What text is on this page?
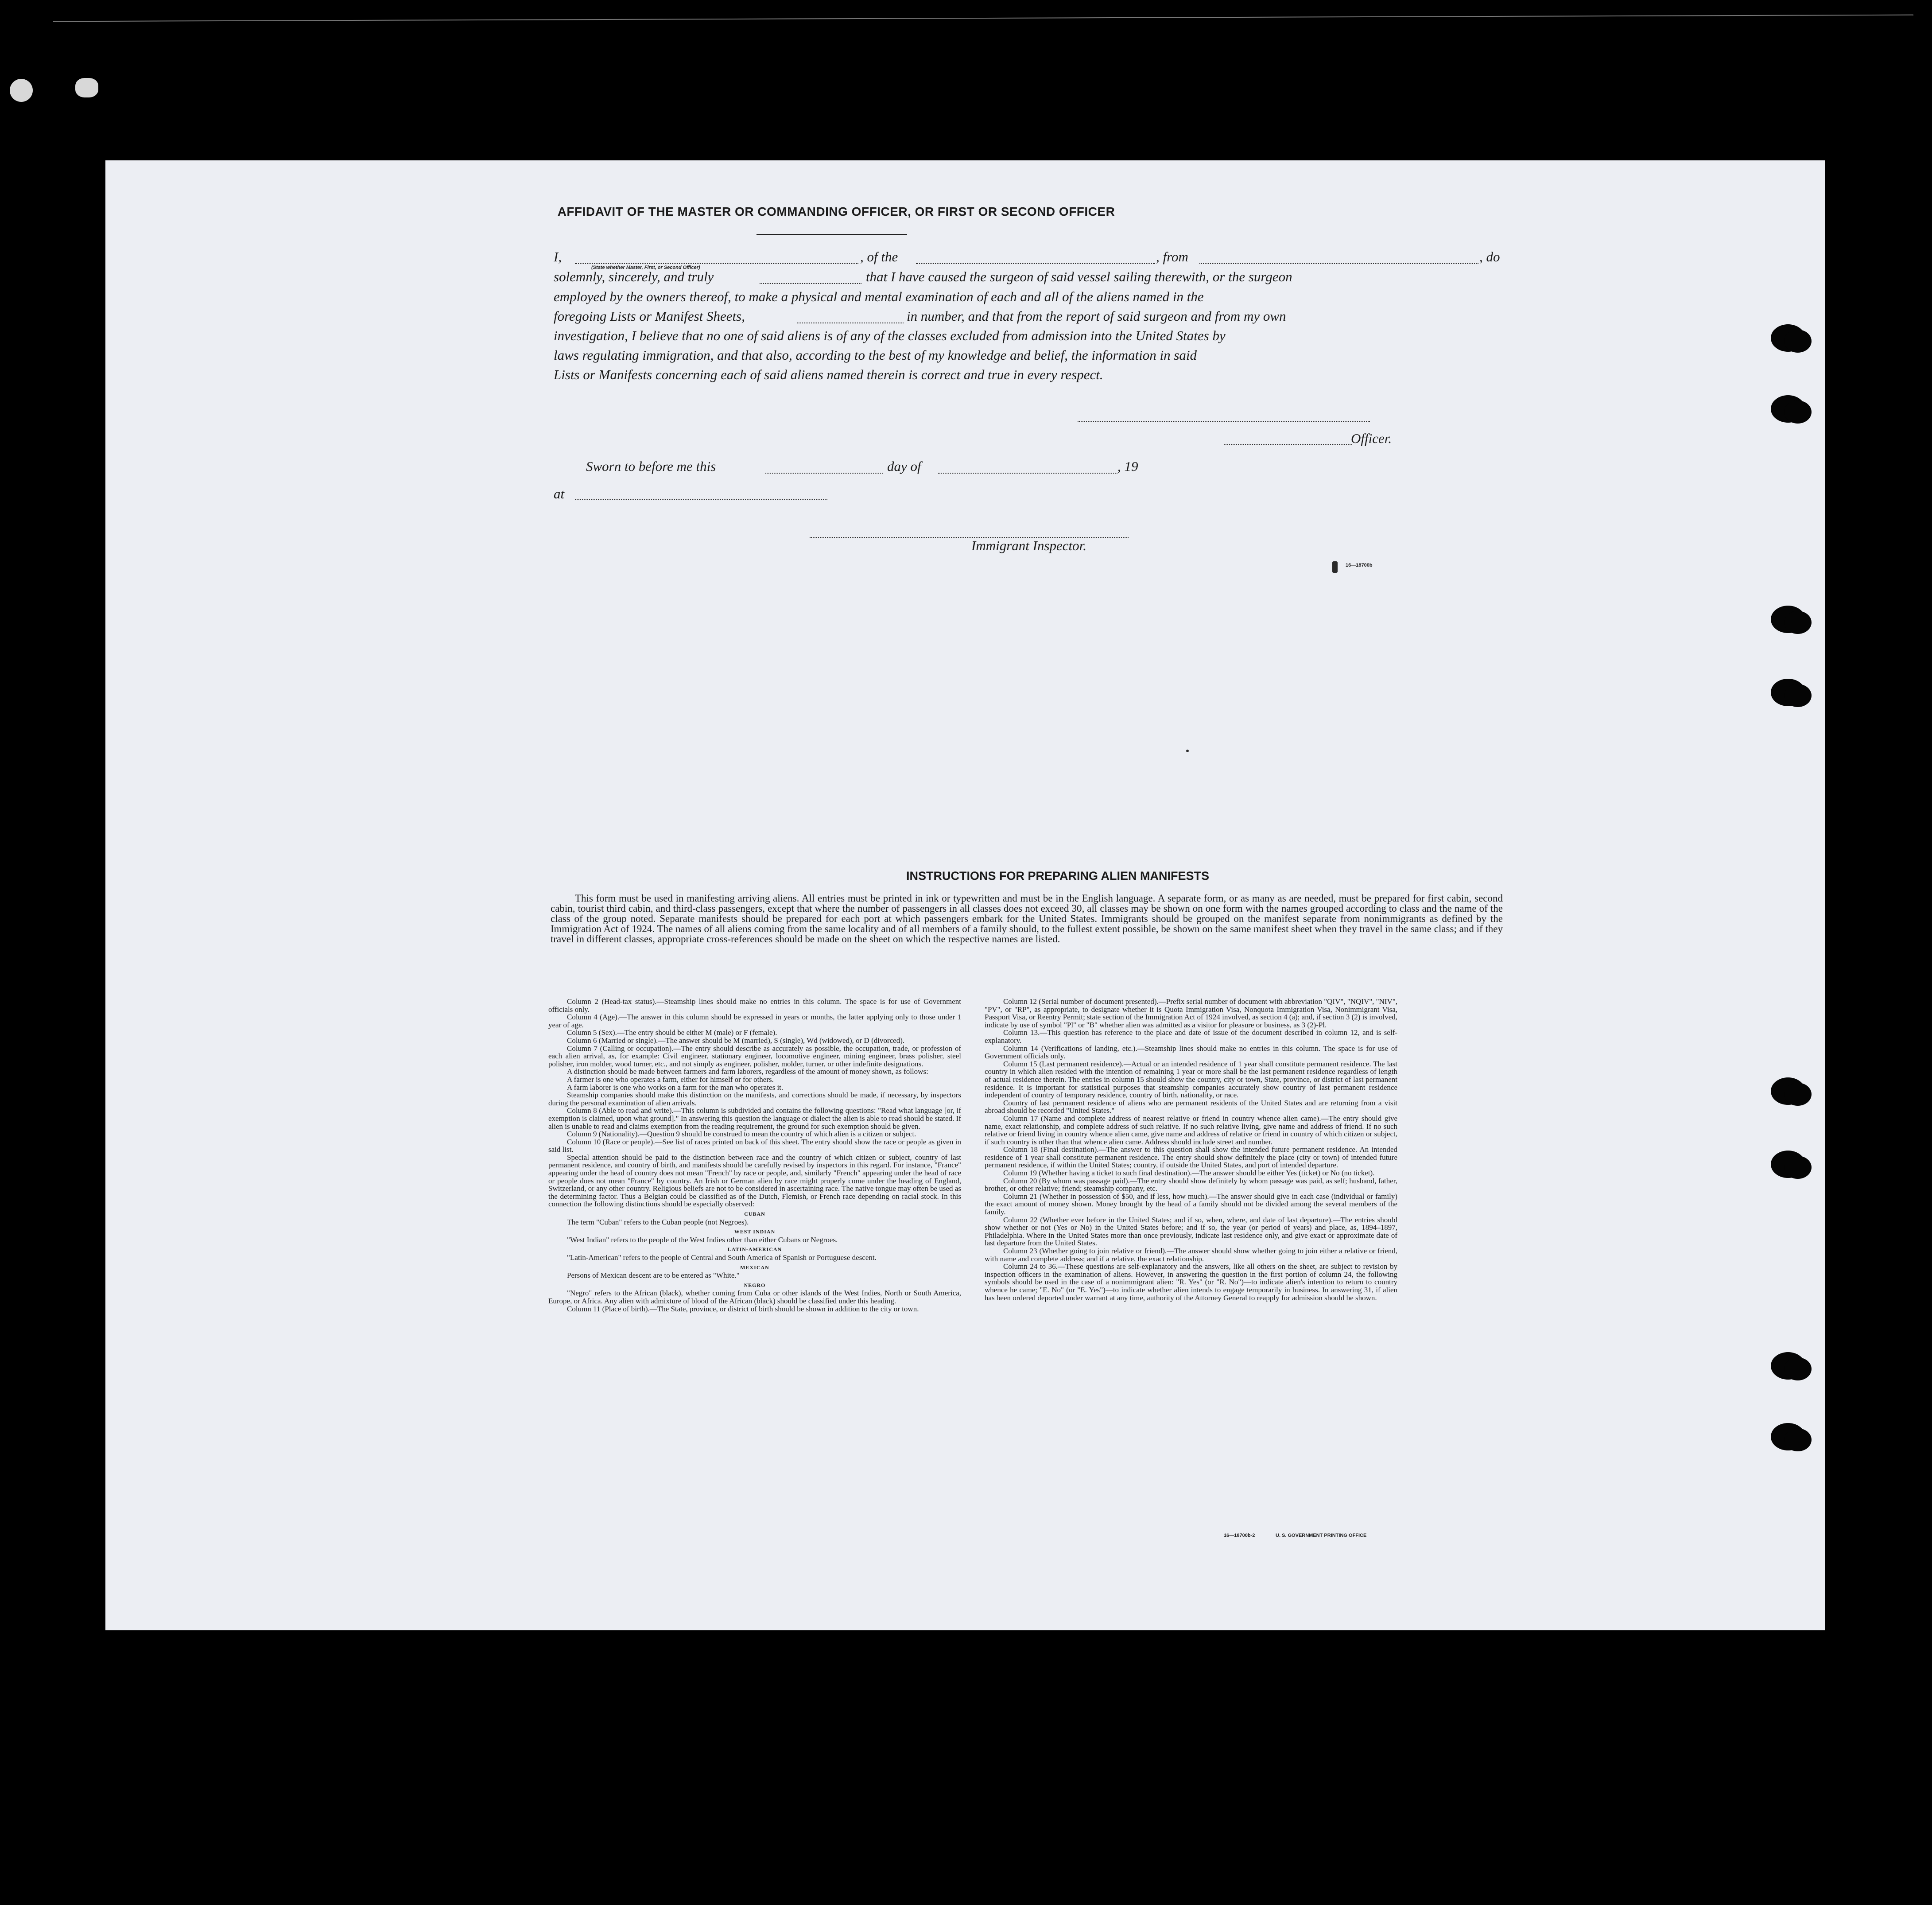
AFFIDAVIT OF THE MASTER OR COMMANDING OFFICER, OR FIRST OR SECOND OFFICER
I,
(State whether Master, First, or Second Officer)
, of the	, from	, do
solemnly, sincerely, and truly	that I have caused the surgeon of said vessel sailing therewith, or the surgeon
employed by the owners thereof, to make a physical and mental examination of each and all of the aliens named in the
foregoing Lists or Manifest Sheets,	in number, and that from the report of said surgeon and from my own
investigation, I believe that no one of said aliens is of any of the classes excluded from admission into the United States by
laws regulating immigration, and that also, according to the best of my knowledge and belief, the information in said
Lists or Manifests concerning each of said aliens named therein is correct and true in every respect.
Officer.
Sworn to before me this	day of	, 19
at
Immigrant Inspector.
16—18700b
INSTRUCTIONS FOR PREPARING ALIEN MANIFESTS
This form must be used in manifesting arriving aliens. All entries must be printed in ink or typewritten and must be in the English language. A separate form, or as many as are needed, must be prepared for first cabin, second cabin, tourist third cabin, and third-class passengers, except that where the number of passengers in all classes does not exceed 30, all classes may be shown on one form with the names grouped according to class and the name of the class of the group noted. Separate manifests should be prepared for each port at which passengers embark for the United States. Immigrants should be grouped on the manifest separate from nonimmigrants as defined by the Immigration Act of 1924. The names of all aliens coming from the same locality and of all members of a family should, to the fullest extent possible, be shown on the same manifest sheet when they travel in the same class; and if they travel in different classes, appropriate cross-references should be made on the sheet on which the respective names are listed.

Column 2 (Head-tax status).—Steamship lines should make no entries in this column. The space is for use of Government officials only.

Column 4 (Age).—The answer in this column should be expressed in years or months, the latter applying only to those under 1 year of age.

Column 5 (Sex).—The entry should be either M (male) or F (female).

Column 6 (Married or single).—The answer should be M (married), S (single), Wd (widowed), or D (divorced).

Column 7 (Calling or occupation).—The entry should describe as accurately as possible, the occupation, trade, or profession of each alien arrival, as, for example: Civil engineer, stationary engineer, locomotive engineer, mining engineer, brass polisher, steel polisher, iron molder, wood turner, etc., and not simply as engineer, polisher, molder, turner, or other indefinite designations.

A distinction should be made between farmers and farm laborers, regardless of the amount of money shown, as follows:

A farmer is one who operates a farm, either for himself or for others.

A farm laborer is one who works on a farm for the man who operates it.

Steamship companies should make this distinction on the manifests, and corrections should be made, if necessary, by inspectors during the personal examination of alien arrivals.

Column 8 (Able to read and write).—This column is subdivided and contains the following questions: "Read what language [or, if exemption is claimed, upon what ground]." In answering this question the language or dialect the alien is able to read should be stated. If alien is unable to read and claims exemption from the reading requirement, the ground for such exemption should be given.

Column 9 (Nationality).—Question 9 should be construed to mean the country of which alien is a citizen or subject.

Column 10 (Race or people).—See list of races printed on back of this sheet. The entry should show the race or people as given in said list.

Special attention should be paid to the distinction between race and the country of which citizen or subject, country of last permanent residence, and country of birth, and manifests should be carefully revised by inspectors in this regard. For instance, "France" appearing under the head of country does not mean "French" by race or people, and, similarly "French" appearing under the head of race or people does not mean "France" by country. An Irish or German alien by race might properly come under the heading of England, Switzerland, or any other country. Religious beliefs are not to be considered in ascertaining race. The native tongue may often be used as the determining factor. Thus a Belgian could be classified as of the Dutch, Flemish, or French race depending on racial stock. In this connection the following distinctions should be especially observed:

CUBAN

The term "Cuban" refers to the Cuban people (not Negroes).

WEST INDIAN

"West Indian" refers to the people of the West Indies other than either Cubans or Negroes.

LATIN-AMERICAN

"Latin-American" refers to the people of Central and South America of Spanish or Portuguese descent.

MEXICAN

Persons of Mexican descent are to be entered as "White."

NEGRO

"Negro" refers to the African (black), whether coming from Cuba or other islands of the West Indies, North or South America, Europe, or Africa. Any alien with admixture of blood of the African (black) should be classified under this heading.

Column 11 (Place of birth).—The State, province, or district of birth should be shown in addition to the city or town.

Column 12 (Serial number of document presented).—Prefix serial number of document with abbreviation "QIV", "NQIV", "NIV", "PV", or "RP", as appropriate, to designate whether it is Quota Immigration Visa, Nonquota Immigration Visa, Nonimmigrant Visa, Passport Visa, or Reentry Permit; state section of the Immigration Act of 1924 involved, as section 4 (a); and, if section 3 (2) is involved, indicate by use of symbol "Pl" or "B" whether alien was admitted as a visitor for pleasure or business, as 3 (2)-Pl.

Column 13.—This question has reference to the place and date of issue of the document described in column 12, and is self-explanatory.

Column 14 (Verifications of landing, etc.).—Steamship lines should make no entries in this column. The space is for use of Government officials only.

Column 15 (Last permanent residence).—Actual or an intended residence of 1 year shall constitute permanent residence. The last country in which alien resided with the intention of remaining 1 year or more shall be the last permanent residence regardless of length of actual residence therein. The entries in column 15 should show the country, city or town, State, province, or district of last permanent residence. It is important for statistical purposes that steamship companies accurately show country of last permanent residence independent of country of temporary residence, country of birth, nationality, or race.

Country of last permanent residence of aliens who are permanent residents of the United States and are returning from a visit abroad should be recorded "United States."

Column 17 (Name and complete address of nearest relative or friend in country whence alien came).—The entry should give name, exact relationship, and complete address of such relative. If no such relative living, give name and address of friend. If no such relative or friend living in country whence alien came, give name and address of relative or friend in country of which citizen or subject, if such country is other than that whence alien came. Address should include street and number.

Column 18 (Final destination).—The answer to this question shall show the intended future permanent residence. An intended residence of 1 year shall constitute permanent residence. The entry should show definitely the place (city or town) of intended future permanent residence, if within the United States; country, if outside the United States, and port of intended departure.

Column 19 (Whether having a ticket to such final destination).—The answer should be either Yes (ticket) or No (no ticket).

Column 20 (By whom was passage paid).—The entry should show definitely by whom passage was paid, as self; husband, father, brother, or other relative; friend; steamship company, etc.

Column 21 (Whether in possession of $50, and if less, how much).—The answer should give in each case (individual or family) the exact amount of money shown. Money brought by the head of a family should not be divided among the several members of the family.

Column 22 (Whether ever before in the United States; and if so, when, where, and date of last departure).—The entries should show whether or not (Yes or No) in the United States before; and if so, the year (or period of years) and place, as, 1894–1897, Philadelphia. Where in the United States more than once previously, indicate last residence only, and give exact or approximate date of last departure from the United States.

Column 23 (Whether going to join relative or friend).—The answer should show whether going to join either a relative or friend, with name and complete address; and if a relative, the exact relationship.

Column 24 to 36.—These questions are self-explanatory and the answers, like all others on the sheet, are subject to revision by inspection officers in the examination of aliens. However, in answering the question in the first portion of column 24, the following symbols should be used in the case of a nonimmigrant alien: "R. Yes" (or "R. No")—to indicate alien's intention to return to country whence he came; "E. No" (or "E. Yes")—to indicate whether alien intends to engage temporarily in business. In answering 31, if alien has been ordered deported under warrant at any time, authority of the Attorney General to reapply for admission should be shown.

16—18700b-2	U. S. GOVERNMENT PRINTING OFFICE
